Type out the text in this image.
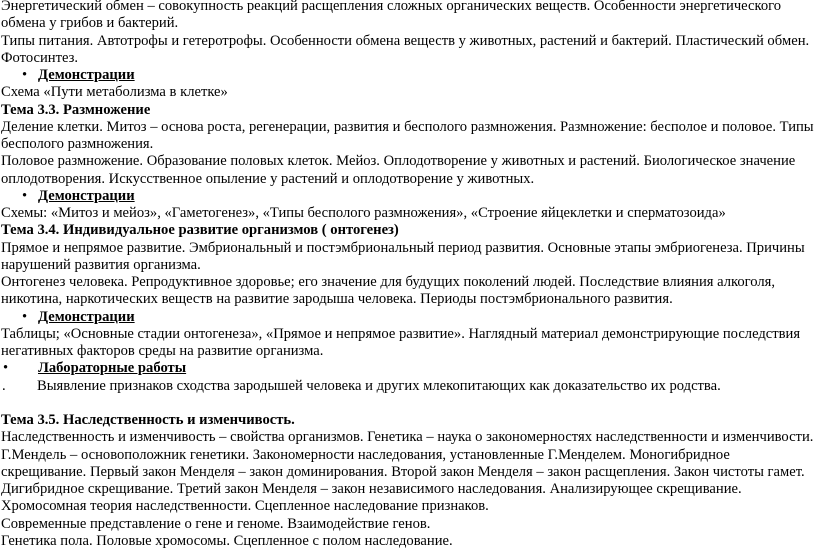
Энергетический обмен – совокупность реакций расщепления сложных органических веществ. Особенности энергетического обмена у грибов и бактерий.

Типы питания. Автотрофы и гетеротрофы. Особенности обмена веществ у животных, растений и бактерий. Пластический обмен. Фотосинтез.

• Демонстрации

Схема «Пути метаболизма в клетке»

Тема 3.3. Размножение

Деление клетки. Митоз – основа роста, регенерации, развития и бесполого размножения. Размножение: бесполое и половое. Типы бесполого размножения.

Половое размножение. Образование половых клеток. Мейоз. Оплодотворение у животных и растений. Биологическое значение оплодотворения. Искусственное опыление у растений и оплодотворение у животных.

• Демонстрации

Схемы: «Митоз и мейоз», «Гаметогенез», «Типы бесполого размножения», «Строение яйцеклетки и сперматозоида»

Тема 3.4. Индивидуальное развитие организмов ( онтогенез)

Прямое и непрямое развитие. Эмбриональный и постэмбриональный период развития. Основные этапы эмбриогенеза. Причины нарушений развития организма.

Онтогенез человека. Репродуктивное здоровье; его значение для будущих поколений людей. Последствие влияния алкоголя, никотина, наркотических веществ на развитие зародыша человека. Периоды постэмбрионального развития.

• Демонстрации

Таблицы; «Основные стадии онтогенеза», «Прямое и непрямое развитие». Наглядный материал демонстрирующие последствия негативных факторов среды на развитие организма.

• Лабораторные работы
. Выявление признаков сходства зародышей человека и других млекопитающих как доказательство их родства.

Тема 3.5. Наследственность и изменчивость.

Наследственность и изменчивость – свойства организмов. Генетика – наука о закономерностях наследственности и изменчивости. Г.Мендель – основоположник генетики. Закономерности наследования, установленные Г.Менделем. Моногибридное скрещивание. Первый закон Менделя – закон доминирования. Второй закон Менделя – закон расщепления. Закон чистоты гамет. Дигибридное скрещивание. Третий закон Менделя – закон независимого наследования. Анализирующее скрещивание. Хромосомная теория наследственности. Сцепленное наследование признаков.

Современные представление о гене и геноме. Взаимодействие генов.

Генетика пола. Половые хромосомы. Сцепленное с полом наследование.
